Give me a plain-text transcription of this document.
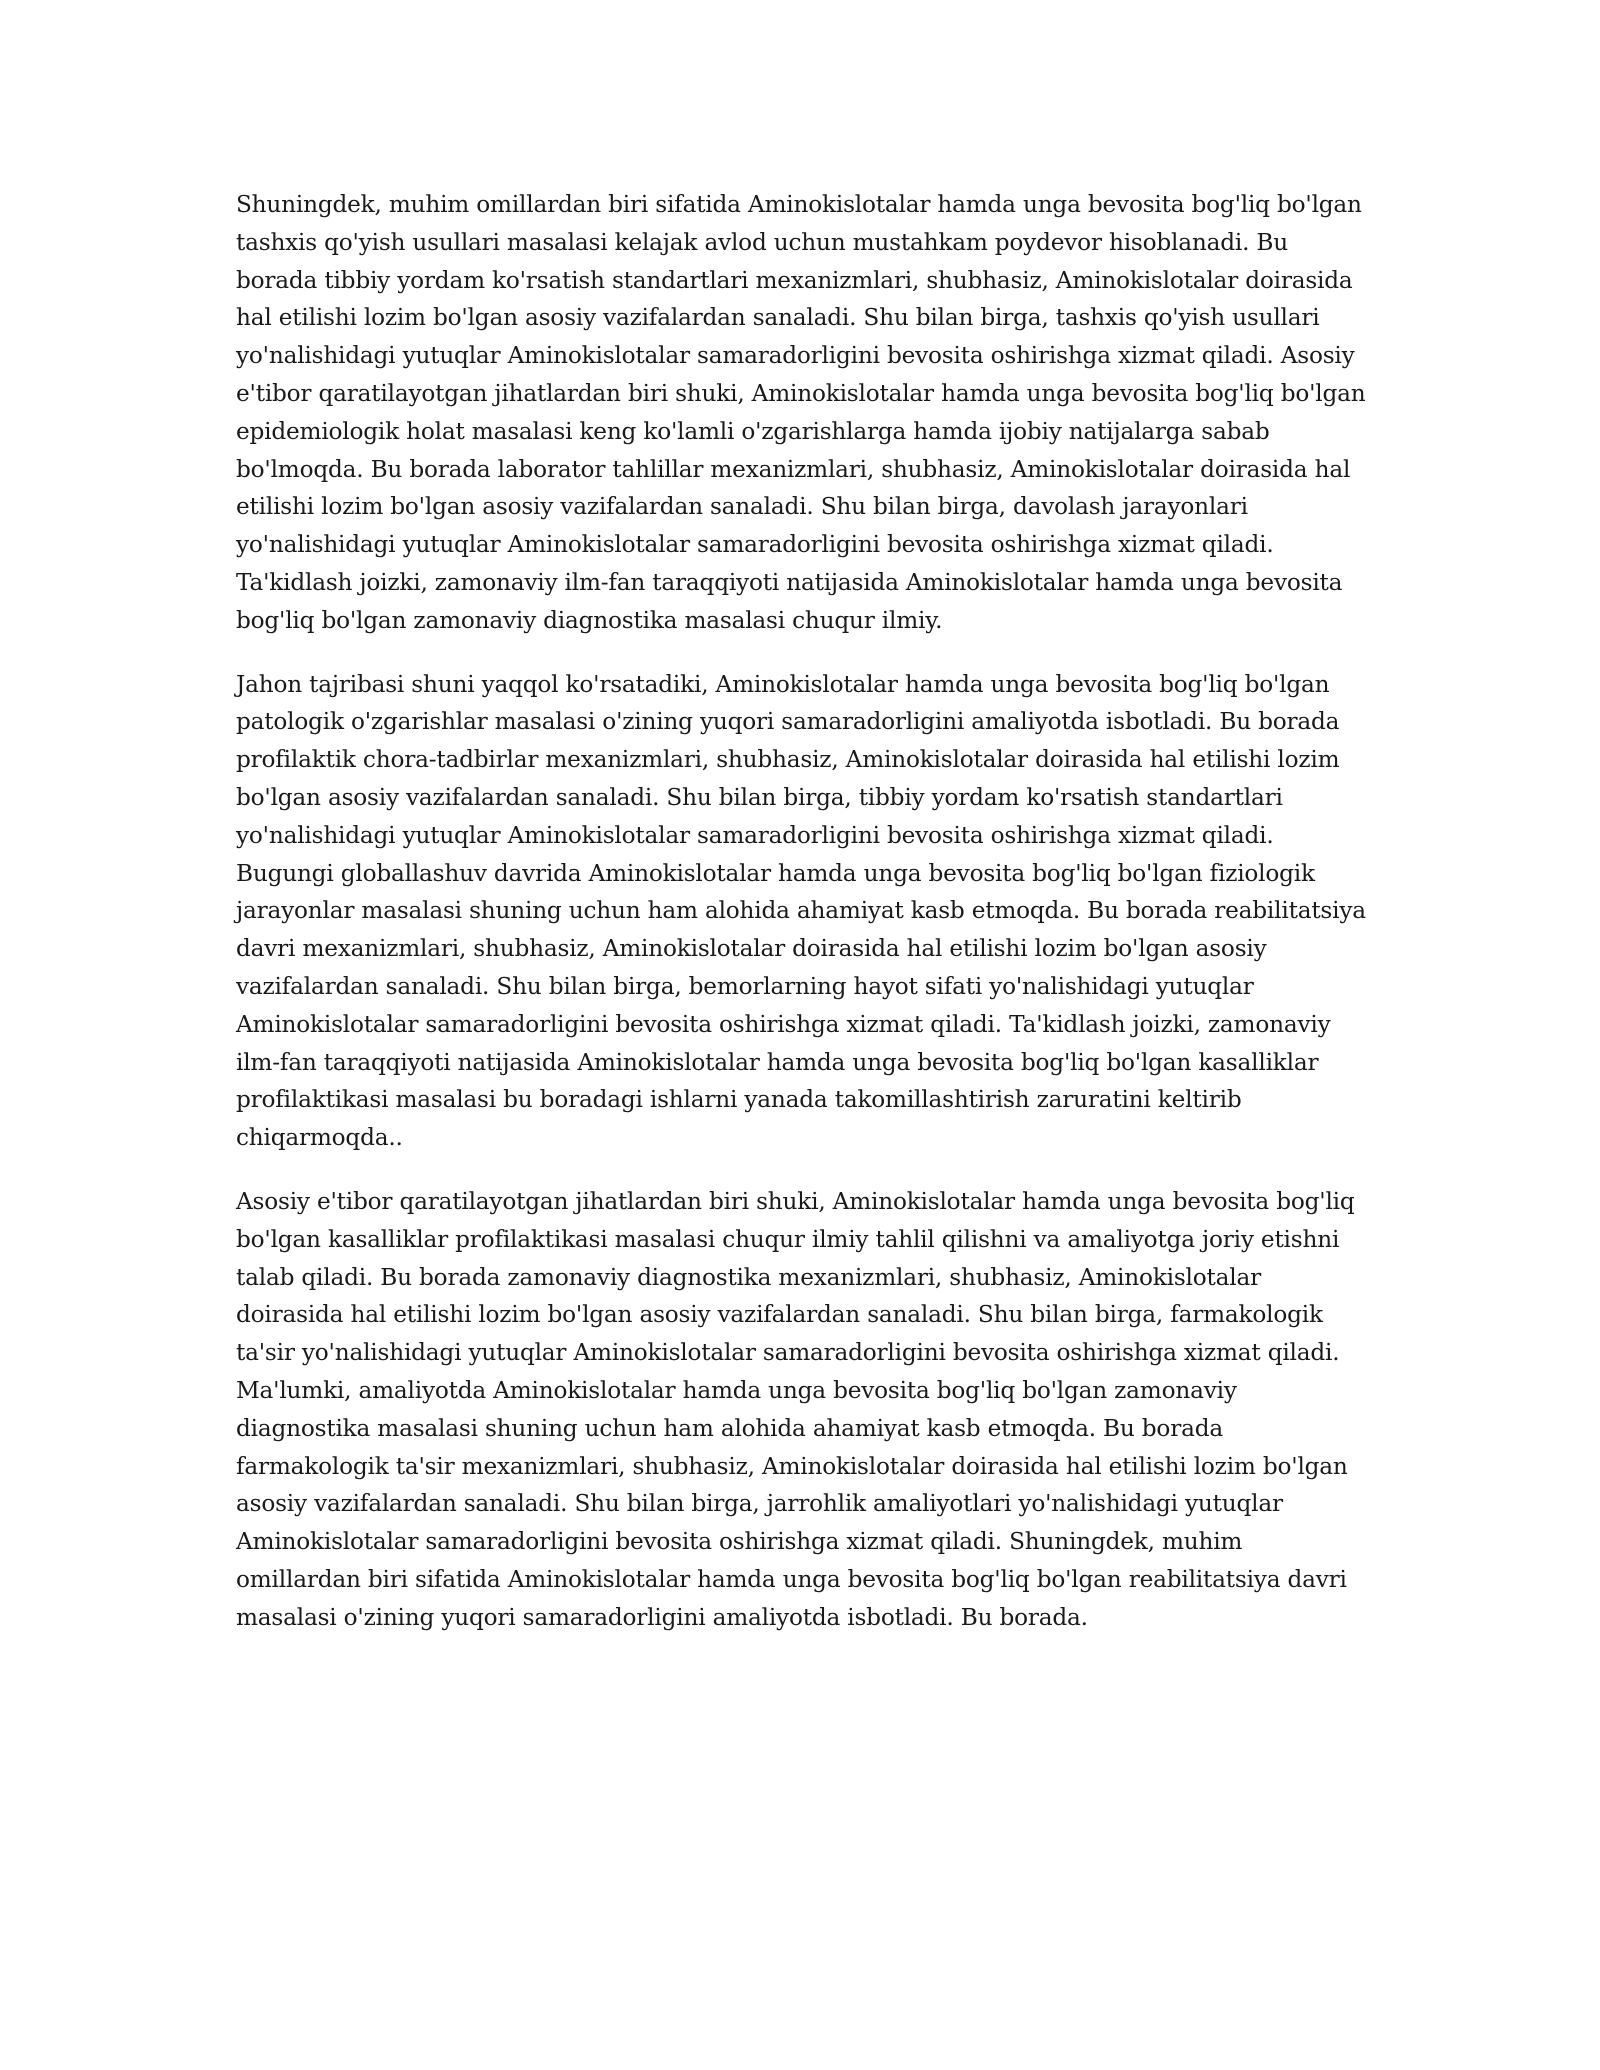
Shuningdek, muhim omillardan biri sifatida Aminokislotalar hamda unga bevosita bog'liq bo'lgan tashxis qo'yish usullari masalasi kelajak avlod uchun mustahkam poydevor hisoblanadi. Bu borada tibbiy yordam ko'rsatish standartlari mexanizmlari, shubhasiz, Aminokislotalar doirasida hal etilishi lozim bo'lgan asosiy vazifalardan sanaladi. Shu bilan birga, tashxis qo'yish usullari yo'nalishidagi yutuqlar Aminokislotalar samaradorligini bevosita oshirishga xizmat qiladi. Asosiy e'tibor qaratilayotgan jihatlardan biri shuki, Aminokislotalar hamda unga bevosita bog'liq bo'lgan epidemiologik holat masalasi keng ko'lamli o'zgarishlarga hamda ijobiy natijalarga sabab bo'lmoqda. Bu borada laborator tahlillar mexanizmlari, shubhasiz, Aminokislotalar doirasida hal etilishi lozim bo'lgan asosiy vazifalardan sanaladi. Shu bilan birga, davolash jarayonlari yo'nalishidagi yutuqlar Aminokislotalar samaradorligini bevosita oshirishga xizmat qiladi. Ta'kidlash joizki, zamonaviy ilm-fan taraqqiyoti natijasida Aminokislotalar hamda unga bevosita bog'liq bo'lgan zamonaviy diagnostika masalasi chuqur ilmiy.

Jahon tajribasi shuni yaqqol ko'rsatadiki, Aminokislotalar hamda unga bevosita bog'liq bo'lgan patologik o'zgarishlar masalasi o'zining yuqori samaradorligini amaliyotda isbotladi. Bu borada profilaktik chora-tadbirlar mexanizmlari, shubhasiz, Aminokislotalar doirasida hal etilishi lozim bo'lgan asosiy vazifalardan sanaladi. Shu bilan birga, tibbiy yordam ko'rsatish standartlari yo'nalishidagi yutuqlar Aminokislotalar samaradorligini bevosita oshirishga xizmat qiladi. Bugungi globallashuv davrida Aminokislotalar hamda unga bevosita bog'liq bo'lgan fiziologik jarayonlar masalasi shuning uchun ham alohida ahamiyat kasb etmoqda. Bu borada reabilitatsiya davri mexanizmlari, shubhasiz, Aminokislotalar doirasida hal etilishi lozim bo'lgan asosiy vazifalardan sanaladi. Shu bilan birga, bemorlarning hayot sifati yo'nalishidagi yutuqlar Aminokislotalar samaradorligini bevosita oshirishga xizmat qiladi. Ta'kidlash joizki, zamonaviy ilm-fan taraqqiyoti natijasida Aminokislotalar hamda unga bevosita bog'liq bo'lgan kasalliklar profilaktikasi masalasi bu boradagi ishlarni yanada takomillashtirish zaruratini keltirib chiqarmoqda..

Asosiy e'tibor qaratilayotgan jihatlardan biri shuki, Aminokislotalar hamda unga bevosita bog'liq bo'lgan kasalliklar profilaktikasi masalasi chuqur ilmiy tahlil qilishni va amaliyotga joriy etishni talab qiladi. Bu borada zamonaviy diagnostika mexanizmlari, shubhasiz, Aminokislotalar doirasida hal etilishi lozim bo'lgan asosiy vazifalardan sanaladi. Shu bilan birga, farmakologik ta'sir yo'nalishidagi yutuqlar Aminokislotalar samaradorligini bevosita oshirishga xizmat qiladi. Ma'lumki, amaliyotda Aminokislotalar hamda unga bevosita bog'liq bo'lgan zamonaviy diagnostika masalasi shuning uchun ham alohida ahamiyat kasb etmoqda. Bu borada farmakologik ta'sir mexanizmlari, shubhasiz, Aminokislotalar doirasida hal etilishi lozim bo'lgan asosiy vazifalardan sanaladi. Shu bilan birga, jarrohlik amaliyotlari yo'nalishidagi yutuqlar Aminokislotalar samaradorligini bevosita oshirishga xizmat qiladi. Shuningdek, muhim omillardan biri sifatida Aminokislotalar hamda unga bevosita bog'liq bo'lgan reabilitatsiya davri masalasi o'zining yuqori samaradorligini amaliyotda isbotladi. Bu borada.
